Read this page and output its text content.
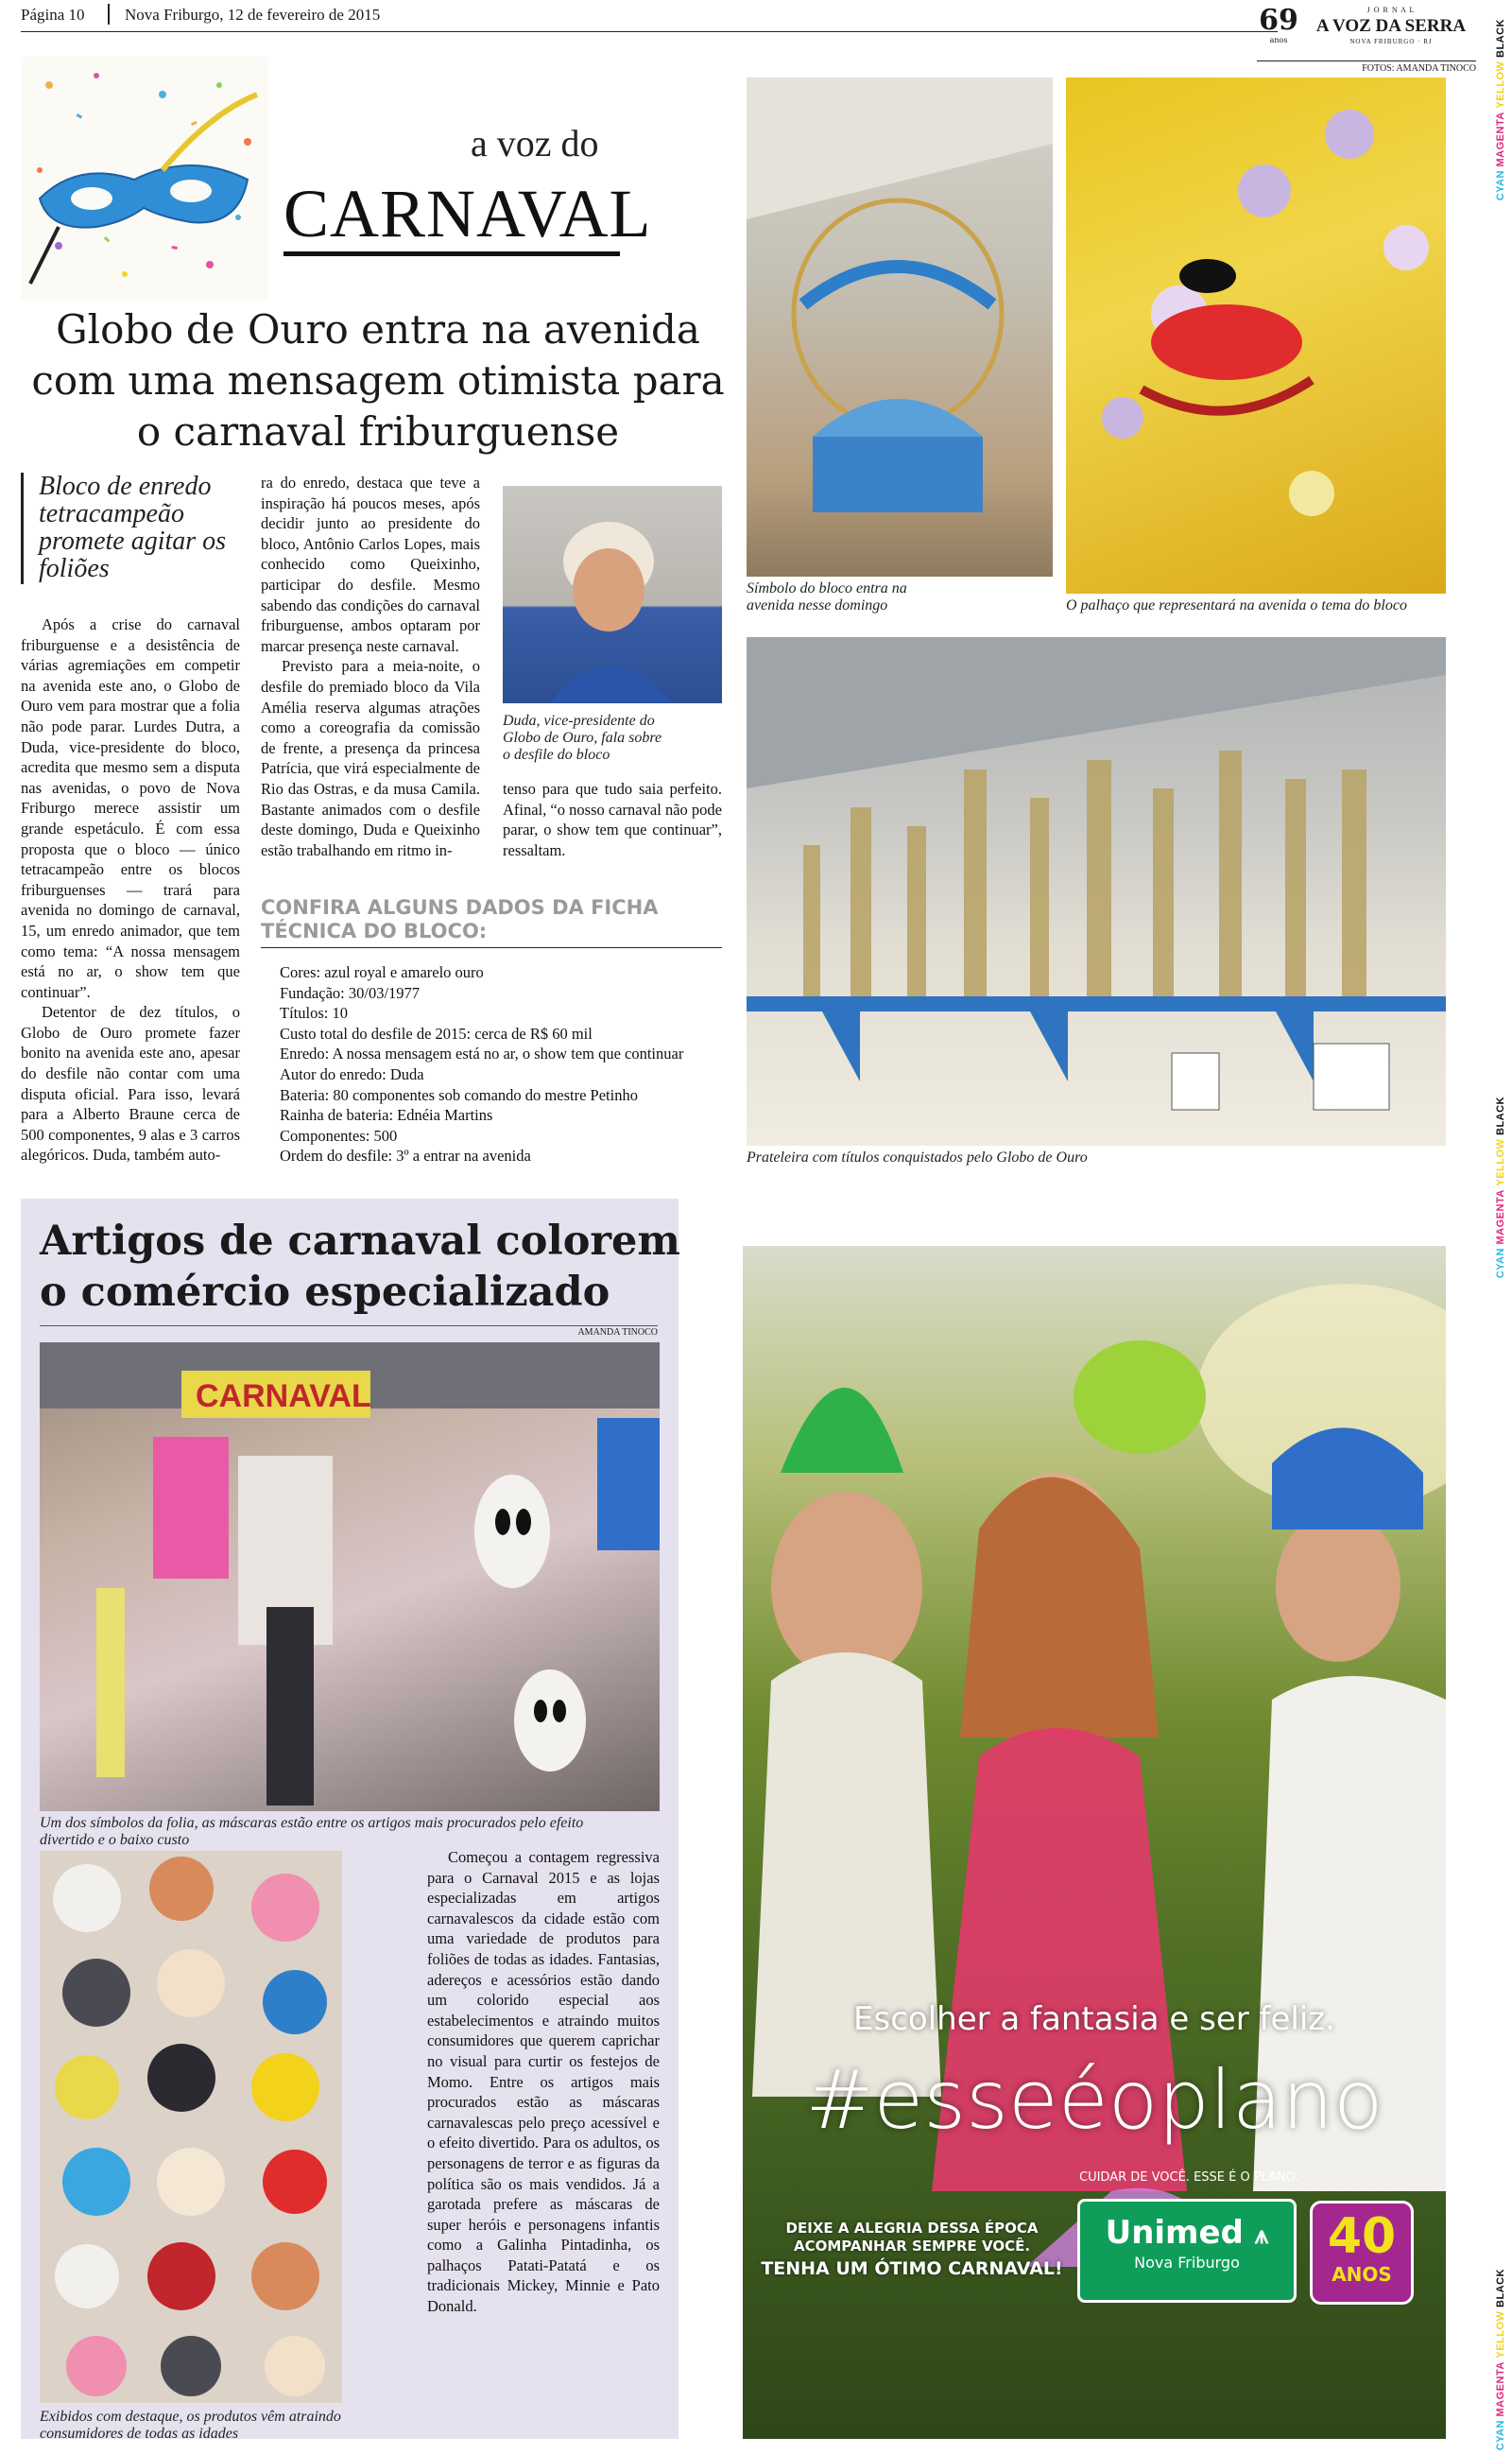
Página 10 Nova Friburgo, 12 de fevereiro de 2015	69
anos
J O R N A L
A VOZ DA SERRA
NOVA FRIBURGO · RJ
FOTOS: AMANDA TINOCO
CYAN MAGENTA YELLOW BLACK
CYAN MAGENTA YELLOW BLACK
CYAN MAGENTA YELLOW BLACK
a voz do
CARNAVAL
Globo de Ouro entra na avenida com uma mensagem otimista para o carnaval friburguense
Bloco de enredo tetracampeão promete agitar os foliões

Após a crise do carnaval friburguense e a desistência de várias agremiações em competir na avenida este ano, o Globo de Ouro vem para mostrar que a folia não pode parar. Lurdes Dutra, a Duda, vice-presidente do bloco, acredita que mesmo sem a disputa nas avenidas, o povo de Nova Friburgo merece assistir um grande espetáculo. É com essa proposta que o bloco — único tetracampeão entre os blocos friburguenses — trará para avenida no domingo de carnaval, 15, um enredo animador, que tem como tema: “A nossa mensagem está no ar, o show tem que continuar”.

Detentor de dez títulos, o Globo de Ouro promete fazer bonito na avenida este ano, apesar do desfile não contar com uma disputa oficial. Para isso, levará para a Alberto Braune cerca de 500 componentes, 9 alas e 3 carros alegóricos. Duda, também auto-

ra do enredo, destaca que teve a inspiração há poucos meses, após decidir junto ao presidente do bloco, Antônio Carlos Lopes, mais conhecido como Queixinho, participar do desfile. Mesmo sabendo das condições do carnaval friburguense, ambos optaram por marcar presença neste carnaval.

Previsto para a meia-noite, o desfile do premiado bloco da Vila Amélia reserva algumas atrações como a coreografia da comissão de frente, a presença da princesa Patrícia, que virá especialmente de Rio das Ostras, e da musa Camila. Bastante animados com o desfile deste domingo, Duda e Queixinho estão trabalhando em ritmo in-

Duda, vice-presidente do Globo de Ouro, fala sobre o desfile do bloco

tenso para que tudo saia perfeito. Afinal, “o nosso carnaval não pode parar, o show tem que continuar”, ressaltam.

CONFIRA ALGUNS DADOS DA FICHA TÉCNICA DO BLOCO:
Cores: azul royal e amarelo ouro
Fundação: 30/03/1977
Títulos: 10
Custo total do desfile de 2015: cerca de R$ 60 mil
Enredo: A nossa mensagem está no ar, o show tem que continuar
Autor do enredo: Duda
Bateria: 80 componentes sob comando do mestre Petinho
Rainha de bateria: Ednéia Martins
Componentes: 500
Ordem do desfile: 3º a entrar na avenida
Símbolo do bloco entra na avenida nesse domingo	O palhaço que representará na avenida o tema do bloco
Prateleira com títulos conquistados pelo Globo de Ouro
Artigos de carnaval colorem o comércio especializado
AMANDA TINOCO
CARNAVAL
Um dos símbolos da folia, as máscaras estão entre os artigos mais procurados pelo efeito divertido e o baixo custo
Exibidos com destaque, os produtos vêm atraindo consumidores de todas as idades

Começou a contagem regressiva para o Carnaval 2015 e as lojas especializadas em artigos carnavalescos da cidade estão com uma variedade de produtos para foliões de todas as idades. Fantasias, adereços e acessórios estão dando um colorido especial aos estabelecimentos e atraindo muitos consumidores que querem caprichar no visual para curtir os festejos de Momo. Entre os artigos mais procurados estão as máscaras carnavalescas pelo preço acessível e o efeito divertido. Para os adultos, os personagens de terror e as figuras da política são os mais vendidos. Já a garotada prefere as máscaras de super heróis e personagens infantis como a Galinha Pintadinha, os palhaços Patati-Patatá e os tradicionais Mickey, Minnie e Pato Donald.

Escolher a fantasia e ser feliz.
#esseéoplano
CUIDAR DE VOCÊ. ESSE É O PLANO.
DEIXE A ALEGRIA DESSA ÉPOCA
ACOMPANHAR SEMPRE VOCÊ.
TENHA UM ÓTIMO CARNAVAL!
Unimed ⩚
Nova Friburgo	40
ANOS
